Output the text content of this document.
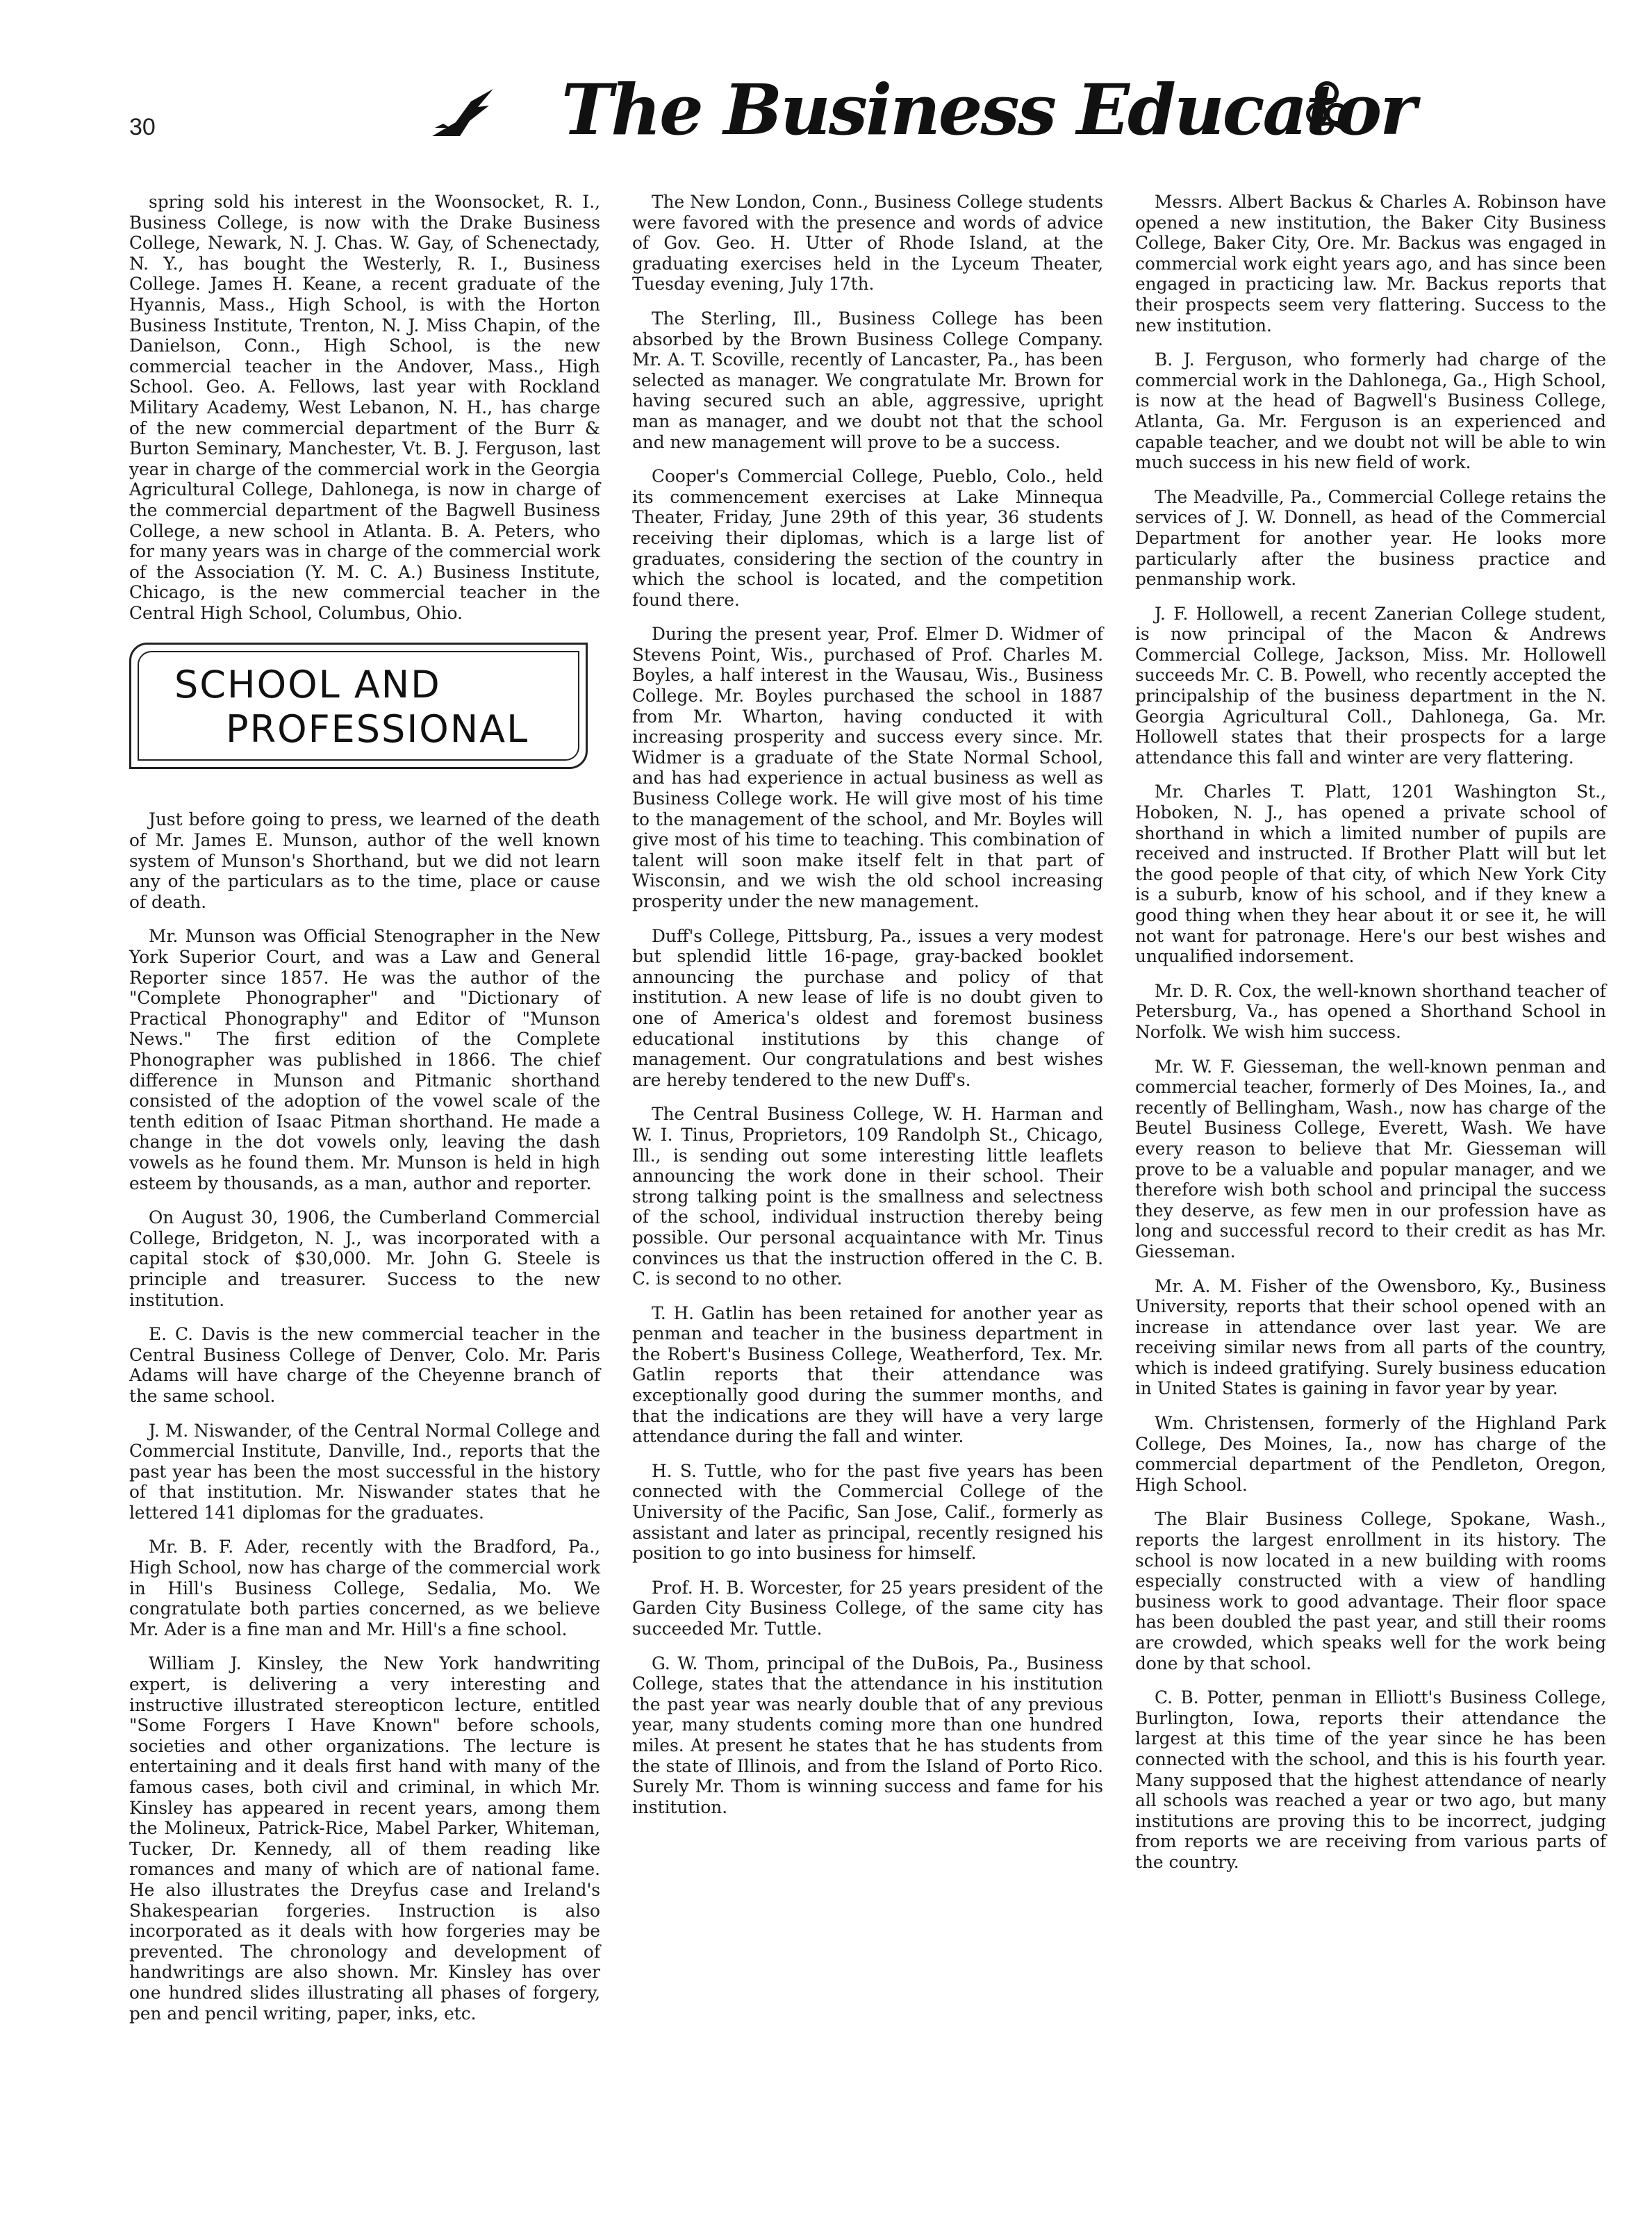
30	The Business Educator

spring sold his interest in the Woonsocket, R. I., Business College, is now with the Drake Business College, Newark, N. J. Chas. W. Gay, of Schenectady, N. Y., has bought the Westerly, R. I., Business College. James H. Keane, a recent graduate of the Hyannis, Mass., High School, is with the Horton Business Institute, Trenton, N. J. Miss Chapin, of the Danielson, Conn., High School, is the new commercial teacher in the Andover, Mass., High School. Geo. A. Fellows, last year with Rockland Military Academy, West Lebanon, N. H., has charge of the new commercial department of the Burr & Burton Seminary, Manchester, Vt. B. J. Ferguson, last year in charge of the commercial work in the Georgia Agricultural College, Dahlonega, is now in charge of the commercial department of the Bagwell Business College, a new school in Atlanta. B. A. Peters, who for many years was in charge of the commercial work of the Association (Y. M. C. A.) Business Institute, Chicago, is the new commercial teacher in the Central High School, Columbus, Ohio.

SCHOOL AND
PROFESSIONAL

Just before going to press, we learned of the death of Mr. James E. Munson, author of the well known system of Munson's Shorthand, but we did not learn any of the particulars as to the time, place or cause of death.

Mr. Munson was Official Stenographer in the New York Superior Court, and was a Law and General Reporter since 1857. He was the author of the "Complete Phonographer" and "Dictionary of Practical Phonography" and Editor of "Munson News." The first edition of the Complete Phonographer was published in 1866. The chief difference in Munson and Pitmanic shorthand consisted of the adoption of the vowel scale of the tenth edition of Isaac Pitman shorthand. He made a change in the dot vowels only, leaving the dash vowels as he found them. Mr. Munson is held in high esteem by thousands, as a man, author and reporter.

On August 30, 1906, the Cumberland Commercial College, Bridgeton, N. J., was incorporated with a capital stock of $30,000. Mr. John G. Steele is principle and treasurer. Success to the new institution.

E. C. Davis is the new commercial teacher in the Central Business College of Denver, Colo. Mr. Paris Adams will have charge of the Cheyenne branch of the same school.

J. M. Niswander, of the Central Normal College and Commercial Institute, Danville, Ind., reports that the past year has been the most successful in the history of that institution. Mr. Niswander states that he lettered 141 diplomas for the graduates.

Mr. B. F. Ader, recently with the Bradford, Pa., High School, now has charge of the commercial work in Hill's Business College, Sedalia, Mo. We congratulate both parties concerned, as we believe Mr. Ader is a fine man and Mr. Hill's a fine school.

William J. Kinsley, the New York handwriting expert, is delivering a very interesting and instructive illustrated stereopticon lecture, entitled "Some Forgers I Have Known" before schools, societies and other organizations. The lecture is entertaining and it deals first hand with many of the famous cases, both civil and criminal, in which Mr. Kinsley has appeared in recent years, among them the Molineux, Patrick-Rice, Mabel Parker, Whiteman, Tucker, Dr. Kennedy, all of them reading like romances and many of which are of national fame. He also illustrates the Dreyfus case and Ireland's Shakespearian forgeries. Instruction is also incorporated as it deals with how forgeries may be prevented. The chronology and development of handwritings are also shown. Mr. Kinsley has over one hundred slides illustrating all phases of forgery, pen and pencil writing, paper, inks, etc.

The New London, Conn., Business College students were favored with the presence and words of advice of Gov. Geo. H. Utter of Rhode Island, at the graduating exercises held in the Lyceum Theater, Tuesday evening, July 17th.

The Sterling, Ill., Business College has been absorbed by the Brown Business College Company. Mr. A. T. Scoville, recently of Lancaster, Pa., has been selected as manager. We congratulate Mr. Brown for having secured such an able, aggressive, upright man as manager, and we doubt not that the school and new management will prove to be a success.

Cooper's Commercial College, Pueblo, Colo., held its commencement exercises at Lake Minnequa Theater, Friday, June 29th of this year, 36 students receiving their diplomas, which is a large list of graduates, considering the section of the country in which the school is located, and the competition found there.

During the present year, Prof. Elmer D. Widmer of Stevens Point, Wis., purchased of Prof. Charles M. Boyles, a half interest in the Wausau, Wis., Business College. Mr. Boyles purchased the school in 1887 from Mr. Wharton, having conducted it with increasing prosperity and success every since. Mr. Widmer is a graduate of the State Normal School, and has had experience in actual business as well as Business College work. He will give most of his time to the management of the school, and Mr. Boyles will give most of his time to teaching. This combination of talent will soon make itself felt in that part of Wisconsin, and we wish the old school increasing prosperity under the new management.

Duff's College, Pittsburg, Pa., issues a very modest but splendid little 16-page, gray-backed booklet announcing the purchase and policy of that institution. A new lease of life is no doubt given to one of America's oldest and foremost business educational institutions by this change of management. Our congratulations and best wishes are hereby tendered to the new Duff's.

The Central Business College, W. H. Harman and W. I. Tinus, Proprietors, 109 Randolph St., Chicago, Ill., is sending out some interesting little leaflets announcing the work done in their school. Their strong talking point is the smallness and selectness of the school, individual instruction thereby being possible. Our personal acquaintance with Mr. Tinus convinces us that the instruction offered in the C. B. C. is second to no other.

T. H. Gatlin has been retained for another year as penman and teacher in the business department in the Robert's Business College, Weatherford, Tex. Mr. Gatlin reports that their attendance was exceptionally good during the summer months, and that the indications are they will have a very large attendance during the fall and winter.

H. S. Tuttle, who for the past five years has been connected with the Commercial College of the University of the Pacific, San Jose, Calif., formerly as assistant and later as principal, recently resigned his position to go into business for himself.

Prof. H. B. Worcester, for 25 years president of the Garden City Business College, of the same city has succeeded Mr. Tuttle.

G. W. Thom, principal of the DuBois, Pa., Business College, states that the attendance in his institution the past year was nearly double that of any previous year, many students coming more than one hundred miles. At present he states that he has students from the state of Illinois, and from the Island of Porto Rico. Surely Mr. Thom is winning success and fame for his institution.

Messrs. Albert Backus & Charles A. Robinson have opened a new institution, the Baker City Business College, Baker City, Ore. Mr. Backus was engaged in commercial work eight years ago, and has since been engaged in practicing law. Mr. Backus reports that their prospects seem very flattering. Success to the new institution.

B. J. Ferguson, who formerly had charge of the commercial work in the Dahlonega, Ga., High School, is now at the head of Bagwell's Business College, Atlanta, Ga. Mr. Ferguson is an experienced and capable teacher, and we doubt not will be able to win much success in his new field of work.

The Meadville, Pa., Commercial College retains the services of J. W. Donnell, as head of the Commercial Department for another year. He looks more particularly after the business practice and penmanship work.

J. F. Hollowell, a recent Zanerian College student, is now principal of the Macon & Andrews Commercial College, Jackson, Miss. Mr. Hollowell succeeds Mr. C. B. Powell, who recently accepted the principalship of the business department in the N. Georgia Agricultural Coll., Dahlonega, Ga. Mr. Hollowell states that their prospects for a large attendance this fall and winter are very flattering.

Mr. Charles T. Platt, 1201 Washington St., Hoboken, N. J., has opened a private school of shorthand in which a limited number of pupils are received and instructed. If Brother Platt will but let the good people of that city, of which New York City is a suburb, know of his school, and if they knew a good thing when they hear about it or see it, he will not want for patronage. Here's our best wishes and unqualified indorsement.

Mr. D. R. Cox, the well-known shorthand teacher of Petersburg, Va., has opened a Shorthand School in Norfolk. We wish him success.

Mr. W. F. Giesseman, the well-known penman and commercial teacher, formerly of Des Moines, Ia., and recently of Bellingham, Wash., now has charge of the Beutel Business College, Everett, Wash. We have every reason to believe that Mr. Giesseman will prove to be a valuable and popular manager, and we therefore wish both school and principal the success they deserve, as few men in our profession have as long and successful record to their credit as has Mr. Giesseman.

Mr. A. M. Fisher of the Owensboro, Ky., Business University, reports that their school opened with an increase in attendance over last year. We are receiving similar news from all parts of the country, which is indeed gratifying. Surely business education in United States is gaining in favor year by year.

Wm. Christensen, formerly of the Highland Park College, Des Moines, Ia., now has charge of the commercial department of the Pendleton, Oregon, High School.

The Blair Business College, Spokane, Wash., reports the largest enrollment in its history. The school is now located in a new building with rooms especially constructed with a view of handling business work to good advantage. Their floor space has been doubled the past year, and still their rooms are crowded, which speaks well for the work being done by that school.

C. B. Potter, penman in Elliott's Business College, Burlington, Iowa, reports their attendance the largest at this time of the year since he has been connected with the school, and this is his fourth year. Many supposed that the highest attendance of nearly all schools was reached a year or two ago, but many institutions are proving this to be incorrect, judging from reports we are receiving from various parts of the country.
